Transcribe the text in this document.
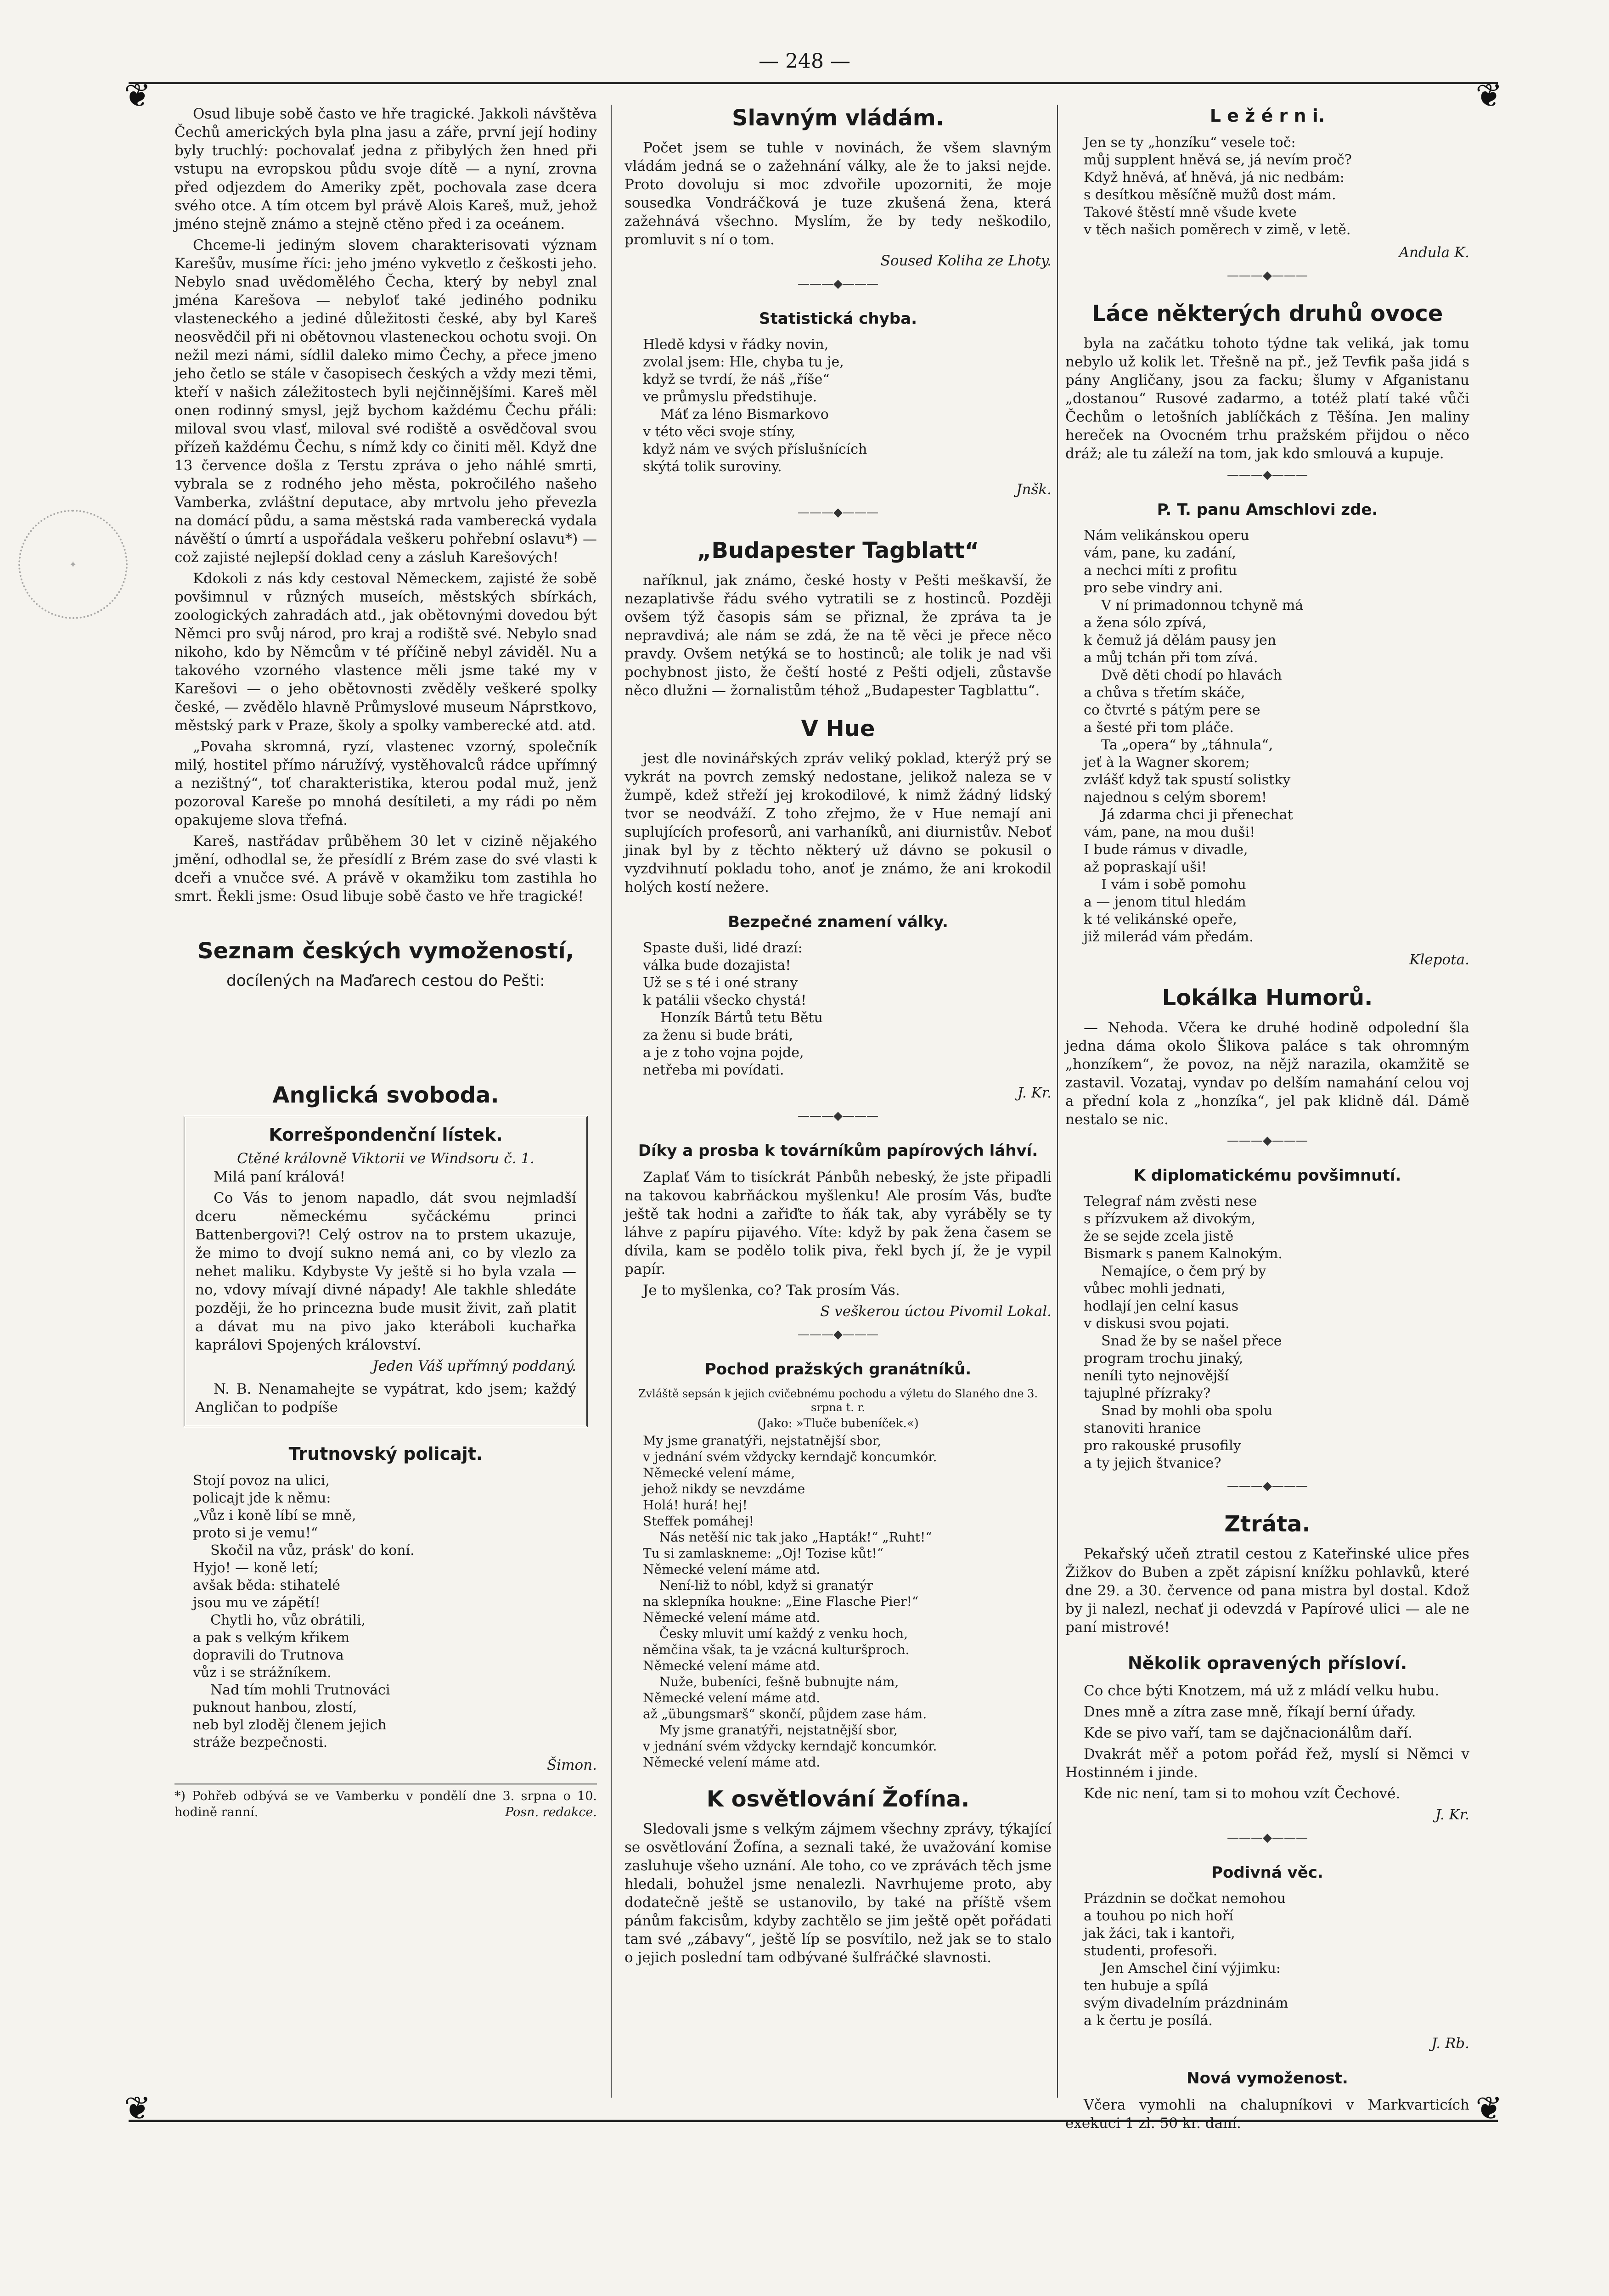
— 248 —
✦
❦	❦
❦	❦

Osud libuje sobě často ve hře tragické. Jakkoli návštěva Čechů amerických byla plna jasu a záře, první její hodiny byly truchlý: pochovalať jedna z přibylých žen hned při vstupu na evropskou půdu svoje dítě — a nyní, zrovna před odjezdem do Ameriky zpět, pochovala zase dcera svého otce. A tím otcem byl právě Alois Kareš, muž, jehož jméno stejně známo a stejně ctěno před i za oceánem.

Chceme-li jediným slovem charakterisovati význam Karešův, musíme říci: jeho jméno vykvetlo z češkosti jeho. Nebylo snad uvědomělého Čecha, který by nebyl znal jména Karešova — nebyloť také jediného podniku vlasteneckého a jediné důležitosti české, aby byl Kareš neosvědčil při ni obětovnou vlasteneckou ochotu svoji. On nežil mezi námi, sídlil daleko mimo Čechy, a přece jmeno jeho četlo se stále v časopisech českých a vždy mezi těmi, kteří v našich záležitostech byli nejčinnějšími. Kareš měl onen rodinný smysl, jejž bychom každému Čechu přáli: miloval svou vlasť, miloval své rodiště a osvědčoval svou přízeň každému Čechu, s nímž kdy co činiti měl. Když dne 13 července došla z Terstu zpráva o jeho náhlé smrti, vybrala se z rodného jeho města, pokročilého našeho Vamberka, zvláštní deputace, aby mrtvolu jeho převezla na domácí půdu, a sama městská rada vamberecká vydala návěští o úmrtí a uspořádala veškeru pohřební oslavu*) — což zajisté nejlepší doklad ceny a zásluh Karešových!

Kdokoli z nás kdy cestoval Německem, zajisté že sobě povšimnul v různých museích, městských sbírkách, zoologických zahradách atd., jak obětovnými dovedou být Němci pro svůj národ, pro kraj a rodiště své. Nebylo snad nikoho, kdo by Němcům v té příčině nebyl záviděl. Nu a takového vzorného vlastence měli jsme také my v Karešovi — o jeho obětovnosti zvěděly veškeré spolky české, — zvědělo hlavně Průmyslové museum Náprstkovo, městský park v Praze, školy a spolky vamberecké atd. atd.

„Povaha skromná, ryzí, vlastenec vzorný, společník milý, hostitel přímo náružívý, vystěhovalců rádce upřímný a nezištný“, toť charakteristika, kterou podal muž, jenž pozoroval Kareše po mnohá desítileti, a my rádi po něm opakujeme slova třefná.

Kareš, nastřádav průběhem 30 let v cizině nějakého jmění, odhodlal se, že přesídlí z Brém zase do své vlasti k dceři a vnučce své. A právě v okamžiku tom zastihla ho smrt. Řekli jsme: Osud libuje sobě často ve hře tragické!

Seznam českých vymožeností,
docílených na Maďarech cestou do Pešti:
Anglická svoboda.
Korrešpondenční lístek.
Ctěné královně Viktorii ve Windsoru č. 1.

Milá paní králová!

Co Vás to jenom napadlo, dát svou nejmladší dceru německému syčáckému princi Battenbergovi?! Celý ostrov na to prstem ukazuje, že mimo to dvojí sukno nemá ani, co by vlezlo za nehet maliku. Kdybyste Vy ještě si ho byla vzala — no, vdovy mívají divné nápady! Ale takhle shledáte později, že ho princezna bude musit živit, zaň platit a dávat mu na pivo jako kteráboli kuchařka kaprálovi Spojených království.

Jeden Váš upřímný poddaný.

N. B. Nenamahejte se vypátrat, kdo jsem; každý Angličan to podpíše

Trutnovský policajt.
Stojí povoz na ulici,
policajt jde k němu:
„Vůz i koně líbí se mně,
proto si je vemu!“
Skočil na vůz, prásk' do koní.
Hyjo! — koně letí;
avšak běda: stihatelé
jsou mu ve zápětí!
Chytli ho, vůz obrátili,
a pak s velkým křikem
dopravili do Trutnova
vůz i se strážníkem.
Nad tím mohli Trutnováci
puknout hanbou, zlostí,
neb byl zloděj členem jejich
stráže bezpečnosti.
Šimon.
*) Pohřeb odbývá se ve Vamberku v pondělí dne 3. srpna o 10. hodině ranní.	Posn. redakce.
Slavným vládám.

Počet jsem se tuhle v novinách, že všem slavným vládám jedná se o zažehnání války, ale že to jaksi nejde. Proto dovoluju si moc zdvořile upozorniti, že moje sousedka Vondráčková je tuze zkušená žena, která zažehnává všechno. Myslím, že by tedy neškodilo, promluvit s ní o tom.

Soused Koliha ze Lhoty.
———◆———
Statistická chyba.
Hledě kdysi v řádky novin,
zvolal jsem: Hle, chyba tu je,
když se tvrdí, že náš „říše“
ve průmyslu předstihuje.
Máť za léno Bismarkovo
v této věci svoje stíny,
když nám ve svých příslušnících
skýtá tolik suroviny.
Jnšk.
———◆———
„Budapester Tagblatt“

naříknul, jak známo, české hosty v Pešti meškavší, že nezaplativše řádu svého vytratili se z hostinců. Později ovšem týž časopis sám se přiznal, že zpráva ta je nepravdivá; ale nám se zdá, že na tě věci je přece něco pravdy. Ovšem netýká se to hostinců; ale tolik je nad vši pochybnost jisto, že čeští hosté z Pešti odjeli, zůstavše něco dlužni — žornalistům téhož „Budapester Tagblattu“.

V Hue

jest dle novinářských zpráv veliký poklad, kterýž prý se vykrát na povrch zemský nedostane, jelikož naleza se v žumpě, kdež střeží jej krokodilové, k nimž žádný lidský tvor se neodváží. Z toho zřejmo, že v Hue nemají ani suplujících profesorů, ani varhaníků, ani diurnistův. Neboť jinak byl by z těchto některý už dávno se pokusil o vyzdvihnutí pokladu toho, anoť je známo, že ani krokodil holých kostí nežere.

Bezpečné znamení války.
Spaste duši, lidé drazí:
válka bude dozajista!
Už se s té i oné strany
k patálii všecko chystá!
Honzík Bártů tetu Bětu
za ženu si bude bráti,
a je z toho vojna pojde,
netřeba mi povídati.
J. Kr.
———◆———
Díky a prosba k továrníkům papírových láhví.

Zaplať Vám to tisíckrát Pánbůh nebeský, že jste připadli na takovou kabrňáckou myšlenku! Ale prosím Vás, buďte ještě tak hodni a zařiďte to ňák tak, aby vyráběly se ty láhve z papíru pijavého. Víte: když by pak žena časem se dívila, kam se podělo tolik piva, řekl bych jí, že je vypil papír.

Je to myšlenka, co? Tak prosím Vás.

S veškerou úctou Pivomil Lokal.
———◆———
Pochod pražských granátníků.
Zvláště sepsán k jejich cvičebnému pochodu a výletu do Slaného dne 3. srpna t. r.
(Jako: »Tluče bubeníček.«)
My jsme granatýři, nejstatnější sbor,
v jednání svém vždycky kerndajč koncumkór.
Německé velení máme,
jehož nikdy se nevzdáme
Holá! hurá! hej!
Steffek pomáhej!
Nás netěší nic tak jako „Hapták!“ „Ruht!“
Tu si zamlaskneme: „Oj! Tozise kůt!“
Německé velení máme atd.
Není-liž to nóbl, když si granatýr
na sklepníka houkne: „Eine Flasche Pier!“
Německé velení máme atd.
Česky mluvit umí každý z venku hoch,
němčina však, ta je vzácná kulturšproch.
Německé velení máme atd.
Nuže, bubeníci, fešně bubnujte nám,
Německé velení máme atd.
až „übungsmarš“ skončí, půjdem zase hám.
My jsme granatýři, nejstatnější sbor,
v jednání svém vždycky kerndajč koncumkór.
Německé velení máme atd.
K osvětlování Žofína.

Sledovali jsme s velkým zájmem všechny zprávy, týkající se osvětlování Žofína, a seznali také, že uvažování komise zasluhuje všeho uznání. Ale toho, co ve zprávách těch jsme hledali, bohužel jsme nenalezli. Navrhujeme proto, aby dodatečně ještě se ustanovilo, by také na příště všem pánům fakcisům, kdyby zachtělo se jim ještě opět pořádati tam své „zábavy“, ještě líp se posvítilo, než jak se to stalo o jejich poslední tam odbývané šulfráčké slavnosti.

L e ž é r n i.
Jen se ty „honzíku“ vesele toč:
můj supplent hněvá se, já nevím proč?
Když hněvá, ať hněvá, já nic nedbám:
s desítkou měsíčně mužů dost mám.
Takové štěstí mně všude kvete
v těch našich poměrech v zimě, v letě.
Andula K.
———◆———
Láce některých druhů ovoce

byla na začátku tohoto týdne tak veliká, jak tomu nebylo už kolik let. Třešně na př., jež Tevfik paša jidá s pány Angličany, jsou za facku; šlumy v Afganistanu „dostanou“ Rusové zadarmo, a totéž platí také vůči Čechům o letošních jablíčkách z Těšína. Jen maliny hereček na Ovocném trhu pražském přijdou o něco dráž; ale tu záleží na tom, jak kdo smlouvá a kupuje.

———◆———
P. T. panu Amschlovi zde.
Nám velikánskou operu
vám, pane, ku zadání,
a nechci míti z profitu
pro sebe vindry ani.
V ní primadonnou tchyně má
a žena sólo zpívá,
k čemuž já dělám pausy jen
a můj tchán při tom zívá.
Dvě děti chodí po hlavách
a chůva s třetím skáče,
co čtvrté s pátým pere se
a šesté při tom pláče.
Ta „opera“ by „táhnula“,
jeť à la Wagner skorem;
zvlášť když tak spustí solistky
najednou s celým sborem!
Já zdarma chci ji přenechat
vám, pane, na mou duši!
I bude rámus v divadle,
až popraskají uši!
I vám i sobě pomohu
a — jenom titul hledám
k té velikánské opeře,
již milerád vám předám.
Klepota.
Lokálka Humorů.

— Nehoda. Včera ke druhé hodině odpolední šla jedna dáma okolo Šlikova paláce s tak ohromným „honzíkem“, že povoz, na nějž narazila, okamžitě se zastavil. Vozataj, vyndav po delším namahání celou voj a přední kola z „honzíka“, jel pak klidně dál. Dámě nestalo se nic.

———◆———
K diplomatickému povšimnutí.
Telegraf nám zvěsti nese
s přízvukem až divokým,
že se sejde zcela jistě
Bismark s panem Kalnokým.
Nemajíce, o čem prý by
vůbec mohli jednati,
hodlají jen celní kasus
v diskusi svou pojati.
Snad že by se našel přece
program trochu jinaký,
neníli tyto nejnovější
tajuplné přízraky?
Snad by mohli oba spolu
stanoviti hranice
pro rakouské prusofily
a ty jejich štvanice?
———◆———
Ztráta.

Pekařský učeň ztratil cestou z Kateřinské ulice přes Žižkov do Buben a zpět zápisní knížku pohlavků, které dne 29. a 30. července od pana mistra byl dostal. Kdož by ji nalezl, nechať ji odevzdá v Papírové ulici — ale ne paní mistrové!

Několik opravených přísloví.

Co chce býti Knotzem, má už z mládí velku hubu.

Dnes mně a zítra zase mně, říkají berní úřady.

Kde se pivo vaří, tam se dajčnacionálům daří.

Dvakrát měř a potom pořád řež, myslí si Němci v Hostinném i jinde.

Kde nic není, tam si to mohou vzít Čechové.

J. Kr.
———◆———
Podivná věc.
Prázdnin se dočkat nemohou
a touhou po nich hoří
jak žáci, tak i kantoři,
studenti, profesoři.
Jen Amschel činí výjimku:
ten hubuje a spílá
svým divadelním prázdninám
a k čertu je posílá.
J. Rb.
Nová vymoženost.

Včera vymohli na chalupníkovi v Markvarticích exekuci 1 zl. 50 kr. daní.
